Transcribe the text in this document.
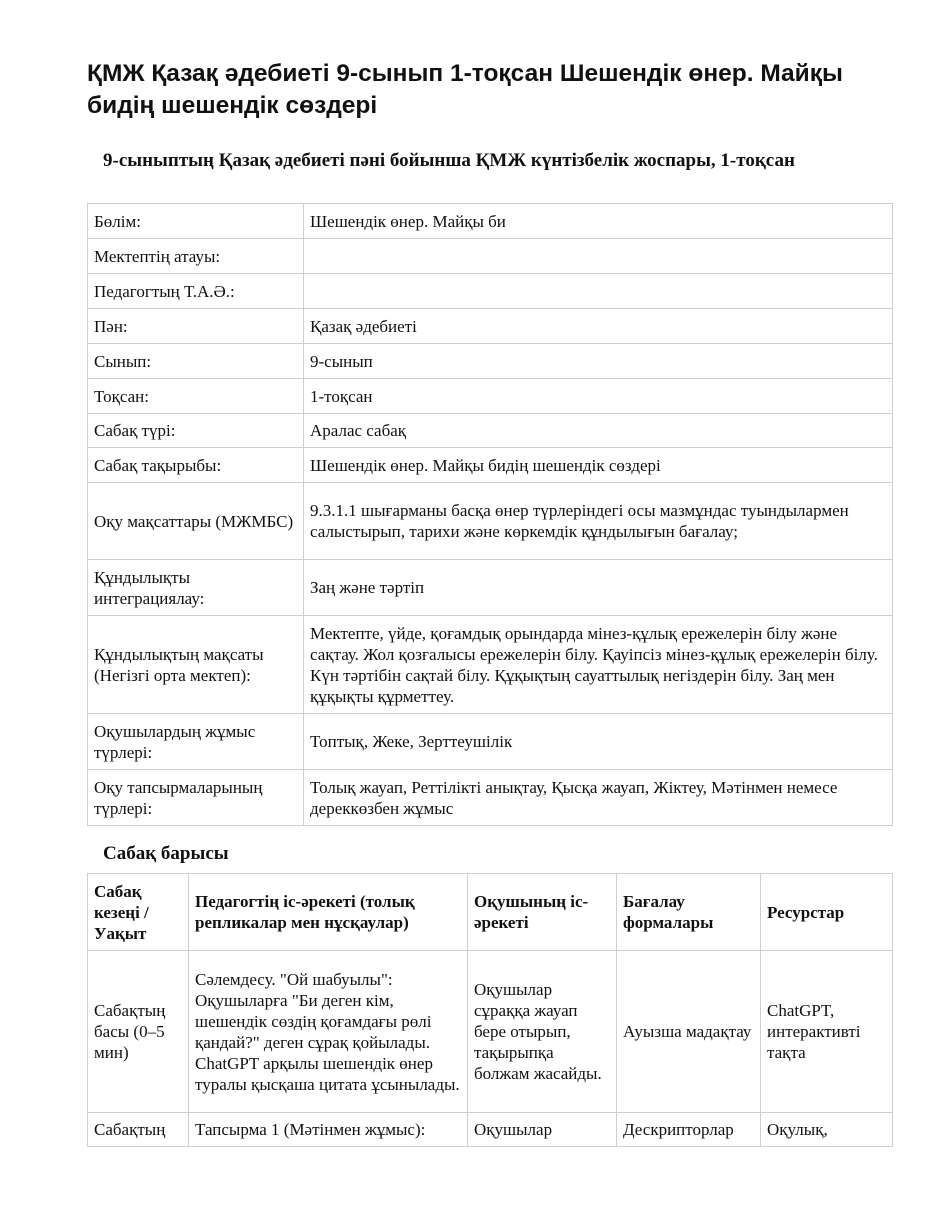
ҚМЖ Қазақ әдебиеті 9-сынып 1-тоқсан Шешендік өнер. Майқы бидің шешендік сөздері
9-сыныптың Қазақ әдебиеті пәні бойынша ҚМЖ күнтізбелік жоспары, 1-тоқсан
Бөлім:	Шешендік өнер. Майқы би
Мектептің атауы:	
Педагогтың Т.А.Ә.:	
Пән:	Қазақ әдебиеті
Сынып:	9-сынып
Тоқсан:	1-тоқсан
Сабақ түрі:	Аралас сабақ
Сабақ тақырыбы:	Шешендік өнер. Майқы бидің шешендік сөздері
Оқу мақсаттары (МЖМБС)	9.3.1.1 шығарманы басқа өнер түрлеріндегі осы мазмұндас туындылармен салыстырып, тарихи және көркемдік құндылығын бағалау;
Құндылықты интеграциялау:	Заң және тәртіп
Құндылықтың мақсаты (Негізгі орта мектеп):	Мектепте, үйде, қоғамдық орындарда мінез-құлық ережелерін білу және сақтау. Жол қозғалысы ережелерін білу. Қауіпсіз мінез-құлық ережелерін білу. Күн тәртібін сақтай білу. Құқықтың сауаттылық негіздерін білу. Заң мен құқықты құрметтеу.
Оқушылардың жұмыс түрлері:	Топтық, Жеке, Зерттеушілік
Оқу тапсырмаларының түрлері:	Толық жауап, Реттілікті анықтау, Қысқа жауап, Жіктеу, Мәтінмен немесе дереккөзбен жұмыс
Сабақ барысы
Сабақ кезеңі / Уақыт	Педагогтің іс-әрекеті (толық репликалар мен нұсқаулар)	Оқушының іс-әрекеті	Бағалау формалары	Ресурстар
Сабақтың басы (0–5 мин)	Сәлемдесу. "Ой шабуылы": Оқушыларға "Би деген кім, шешендік сөздің қоғамдағы рөлі қандай?" деген сұрақ қойылады. ChatGPT арқылы шешендік өнер туралы қысқаша цитата ұсынылады.	Оқушылар сұраққа жауап бере отырып, тақырыпқа болжам жасайды.	Ауызша мадақтау	ChatGPT, интерактивті тақта
Сабақтың	Тапсырма 1 (Мәтінмен жұмыс):	Оқушылар	Дескрипторлар	Оқулық,
